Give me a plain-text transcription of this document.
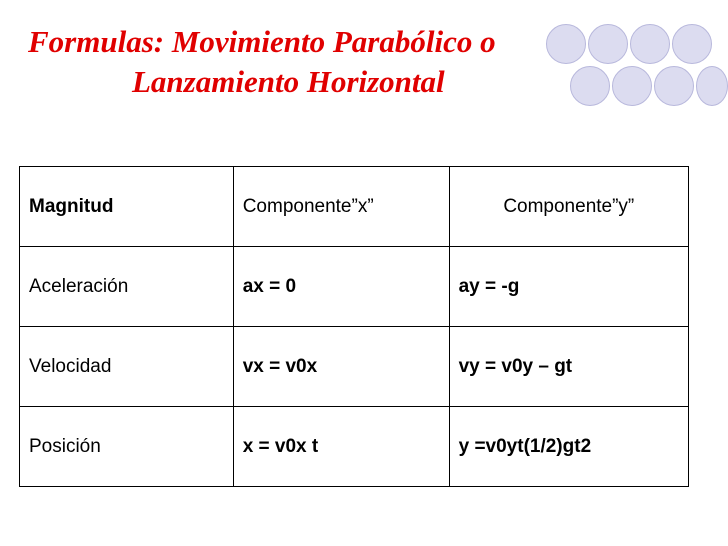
Formulas: Movimiento Parabólico o
Lanzamiento Horizontal
Magnitud	Componente”x”	Componente”y”
Aceleración	ax = 0	ay = -g
Velocidad	vx = v0x	vy = v0y – gt
Posición	x = v0x t	y =v0yt(1/2)gt2
